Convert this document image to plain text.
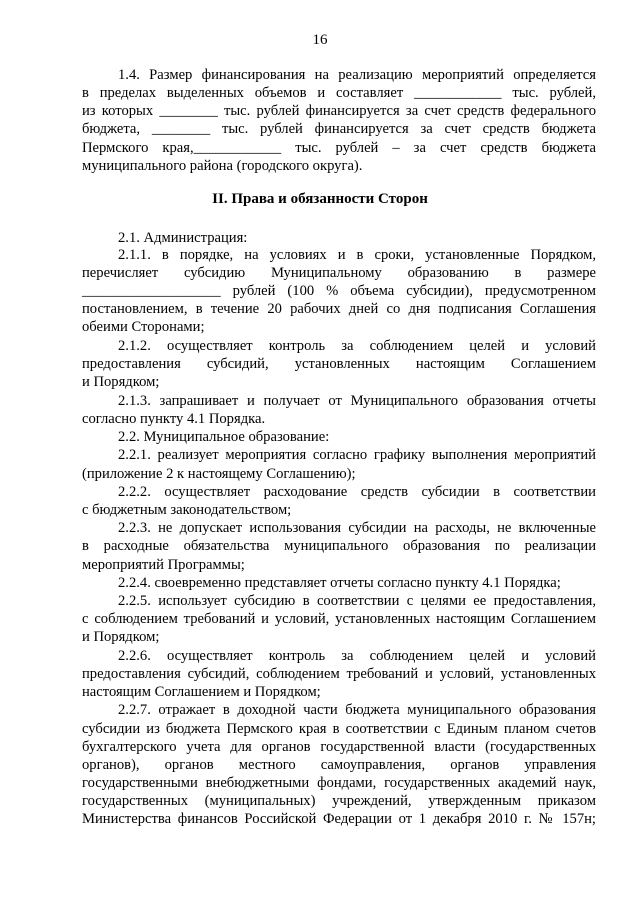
16
II. Права и обязанности Сторон
1.4. Размер финансирования на реализацию мероприятий определяется
в пределах выделенных объемов и составляет ____________ тыс. рублей,
из которых ________ тыс. рублей финансируется за счет средств федерального
бюджета, ________ тыс. рублей финансируется за счет средств бюджета
Пермского края,____________ тыс. рублей – за счет средств бюджета
муниципального района (городского округа).
2.1. Администрация:
2.1.1. в порядке, на условиях и в сроки, установленные Порядком,
перечисляет субсидию Муниципальному образованию в размере
___________________ рублей (100 % объема субсидии), предусмотренном
постановлением, в течение 20 рабочих дней со дня подписания Соглашения
обеими Сторонами;
2.1.2. осуществляет контроль за соблюдением целей и условий
предоставления субсидий, установленных настоящим Соглашением
и Порядком;
2.1.3. запрашивает и получает от Муниципального образования отчеты
согласно пункту 4.1 Порядка.
2.2. Муниципальное образование:
2.2.1. реализует мероприятия согласно графику выполнения мероприятий
(приложение 2 к настоящему Соглашению);
2.2.2. осуществляет расходование средств субсидии в соответствии
с бюджетным законодательством;
2.2.3. не допускает использования субсидии на расходы, не включенные
в расходные обязательства муниципального образования по реализации
мероприятий Программы;
2.2.4. своевременно представляет отчеты согласно пункту 4.1 Порядка;
2.2.5. использует субсидию в соответствии с целями ее предоставления,
с соблюдением требований и условий, установленных настоящим Соглашением
и Порядком;
2.2.6. осуществляет контроль за соблюдением целей и условий
предоставления субсидий, соблюдением требований и условий, установленных
настоящим Соглашением и Порядком;
2.2.7. отражает в доходной части бюджета муниципального образования
субсидии из бюджета Пермского края в соответствии с Единым планом счетов
бухгалтерского учета для органов государственной власти (государственных
органов), органов местного самоуправления, органов управления
государственными внебюджетными фондами, государственных академий наук,
государственных (муниципальных) учреждений, утвержденным приказом
Министерства финансов Российской Федерации от 1 декабря 2010 г. № 157н;
